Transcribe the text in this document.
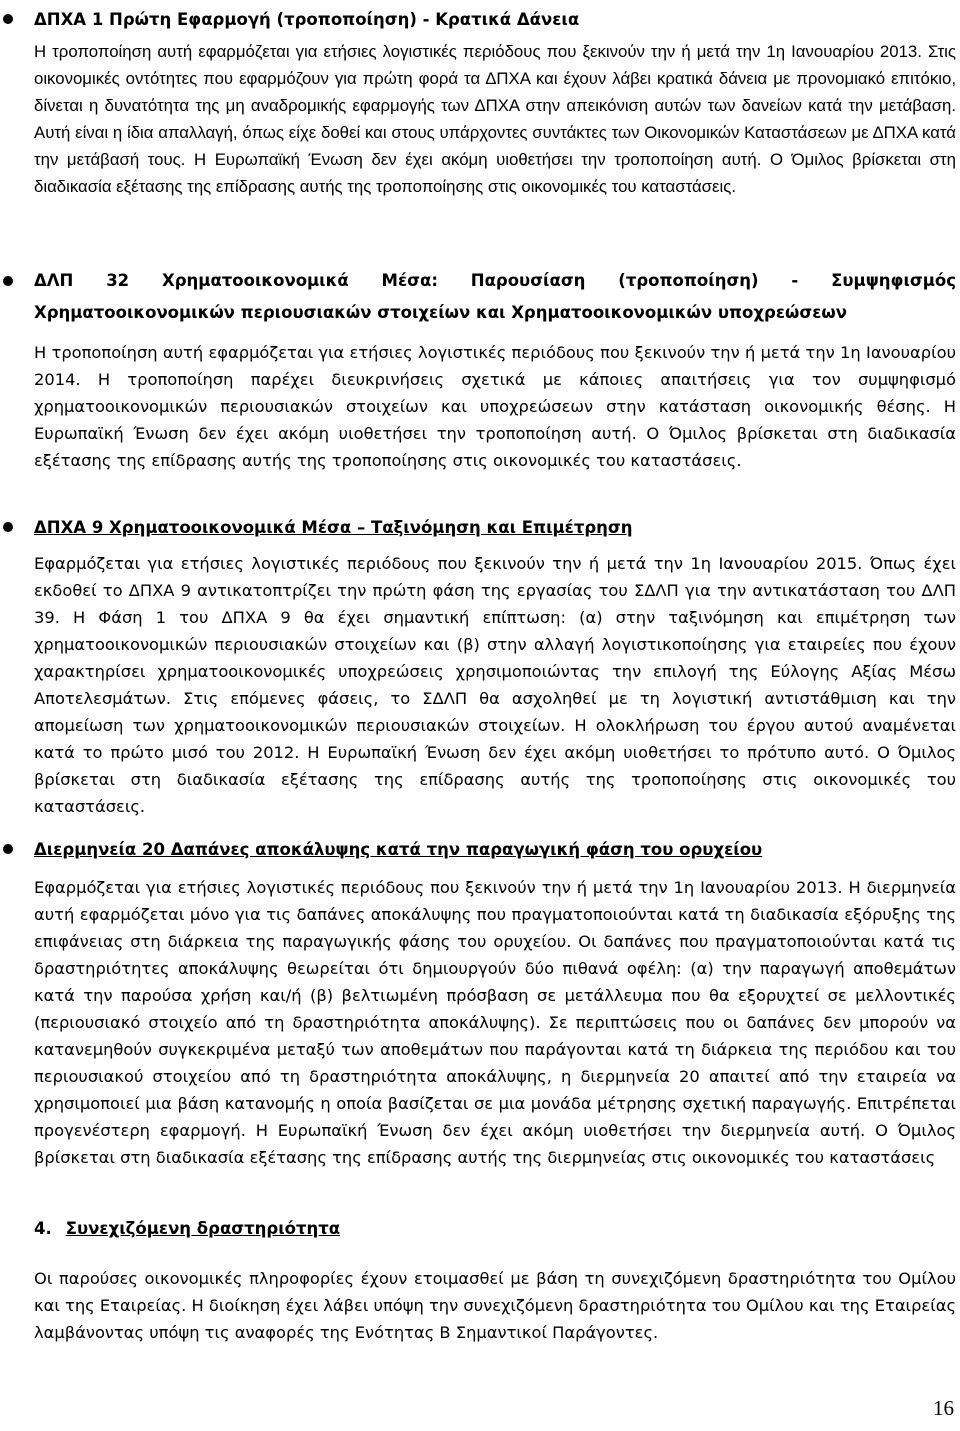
ΔΠΧΑ 1 Πρώτη Εφαρμογή (τροποποίηση) - Κρατικά Δάνεια

Η τροποποίηση αυτή εφαρμόζεται για ετήσιες λογιστικές περιόδους που ξεκινούν την ή μετά την 1η Ιανουαρίου 2013. Στις οικονομικές οντότητες που εφαρμόζουν για πρώτη φορά τα ΔΠΧΑ και έχουν λάβει κρατικά δάνεια με προνομιακό επιτόκιο, δίνεται η δυνατότητα της μη αναδρομικής εφαρμογής των ΔΠΧΑ στην απεικόνιση αυτών των δανείων κατά την μετάβαση. Αυτή είναι η ίδια απαλλαγή, όπως είχε δοθεί και στους υπάρχοντες συντάκτες των Οικονομικών Καταστάσεων με ΔΠΧΑ κατά την μετάβασή τους. Η Ευρωπαϊκή Ένωση δεν έχει ακόμη υιοθετήσει την τροποποίηση αυτή. Ο Όμιλος βρίσκεται στη διαδικασία εξέτασης της επίδρασης αυτής της τροποποίησης στις οικονομικές του καταστάσεις.

ΔΛΠ 32 Χρηματοοικονομικά Μέσα: Παρουσίαση (τροποποίηση) - Συμψηφισμός Χρηματοοικονομικών περιουσιακών στοιχείων και Χρηματοοικονομικών υποχρεώσεων

Η τροποποίηση αυτή εφαρμόζεται για ετήσιες λογιστικές περιόδους που ξεκινούν την ή μετά την 1η Ιανουαρίου 2014. Η τροποποίηση παρέχει διευκρινήσεις σχετικά με κάποιες απαιτήσεις για τον συμψηφισμό χρηματοοικονομικών περιουσιακών στοιχείων και υποχρεώσεων στην κατάσταση οικονομικής θέσης. Η Ευρωπαϊκή Ένωση δεν έχει ακόμη υιοθετήσει την τροποποίηση αυτή. Ο Όμιλος βρίσκεται στη διαδικασία εξέτασης της επίδρασης αυτής της τροποποίησης στις οικονομικές του καταστάσεις.

ΔΠΧΑ 9 Χρηματοοικονομικά Μέσα – Ταξινόμηση και Επιμέτρηση

Εφαρμόζεται για ετήσιες λογιστικές περιόδους που ξεκινούν την ή μετά την 1η Ιανουαρίου 2015. Όπως έχει εκδοθεί το ΔΠΧΑ 9 αντικατοπτρίζει την πρώτη φάση της εργασίας του ΣΔΛΠ για την αντικατάσταση του ΔΛΠ 39. Η Φάση 1 του ΔΠΧΑ 9 θα έχει σημαντική επίπτωση: (α) στην ταξινόμηση και επιμέτρηση των χρηματοοικονομικών περιουσιακών στοιχείων και (β) στην αλλαγή λογιστικοποίησης για εταιρείες που έχουν χαρακτηρίσει χρηματοοικονομικές υποχρεώσεις χρησιμοποιώντας την επιλογή της Εύλογης Αξίας Μέσω Αποτελεσμάτων. Στις επόμενες φάσεις, το ΣΔΛΠ θα ασχοληθεί με τη λογιστική αντιστάθμιση και την απομείωση των χρηματοοικονομικών περιουσιακών στοιχείων. Η ολοκλήρωση του έργου αυτού αναμένεται κατά το πρώτο μισό του 2012. Η Ευρωπαϊκή Ένωση δεν έχει ακόμη υιοθετήσει το πρότυπο αυτό. Ο Όμιλος βρίσκεται στη διαδικασία εξέτασης της επίδρασης αυτής της τροποποίησης στις οικονομικές του καταστάσεις.

Διερμηνεία 20 Δαπάνες αποκάλυψης κατά την παραγωγική φάση του ορυχείου

Εφαρμόζεται για ετήσιες λογιστικές περιόδους που ξεκινούν την ή μετά την 1η Ιανουαρίου 2013. Η διερμηνεία αυτή εφαρμόζεται μόνο για τις δαπάνες αποκάλυψης που πραγματοποιούνται κατά τη διαδικασία εξόρυξης της επιφάνειας στη διάρκεια της παραγωγικής φάσης του ορυχείου. Οι δαπάνες που πραγματοποιούνται κατά τις δραστηριότητες αποκάλυψης θεωρείται ότι δημιουργούν δύο πιθανά οφέλη: (α) την παραγωγή αποθεμάτων κατά την παρούσα χρήση και/ή (β) βελτιωμένη πρόσβαση σε μετάλλευμα που θα εξορυχτεί σε μελλοντικές (περιουσιακό στοιχείο από τη δραστηριότητα αποκάλυψης). Σε περιπτώσεις που οι δαπάνες δεν μπορούν να κατανεμηθούν συγκεκριμένα μεταξύ των αποθεμάτων που παράγονται κατά τη διάρκεια της περιόδου και του περιουσιακού στοιχείου από τη δραστηριότητα αποκάλυψης, η διερμηνεία 20 απαιτεί από την εταιρεία να χρησιμοποιεί μια βάση κατανομής η οποία βασίζεται σε μια μονάδα μέτρησης σχετική παραγωγής. Επιτρέπεται προγενέστερη εφαρμογή. Η Ευρωπαϊκή Ένωση δεν έχει ακόμη υιοθετήσει την διερμηνεία αυτή. Ο Όμιλος βρίσκεται στη διαδικασία εξέτασης της επίδρασης αυτής της διερμηνείας στις οικονομικές του καταστάσεις

4. Συνεχιζόμενη δραστηριότητα

Οι παρούσες οικονομικές πληροφορίες έχουν ετοιμασθεί με βάση τη συνεχιζόμενη δραστηριότητα του Ομίλου και της Εταιρείας. Η διοίκηση έχει λάβει υπόψη την συνεχιζόμενη δραστηριότητα του Ομίλου και της Εταιρείας λαμβάνοντας υπόψη τις αναφορές της Ενότητας Β Σημαντικοί Παράγοντες.

16
